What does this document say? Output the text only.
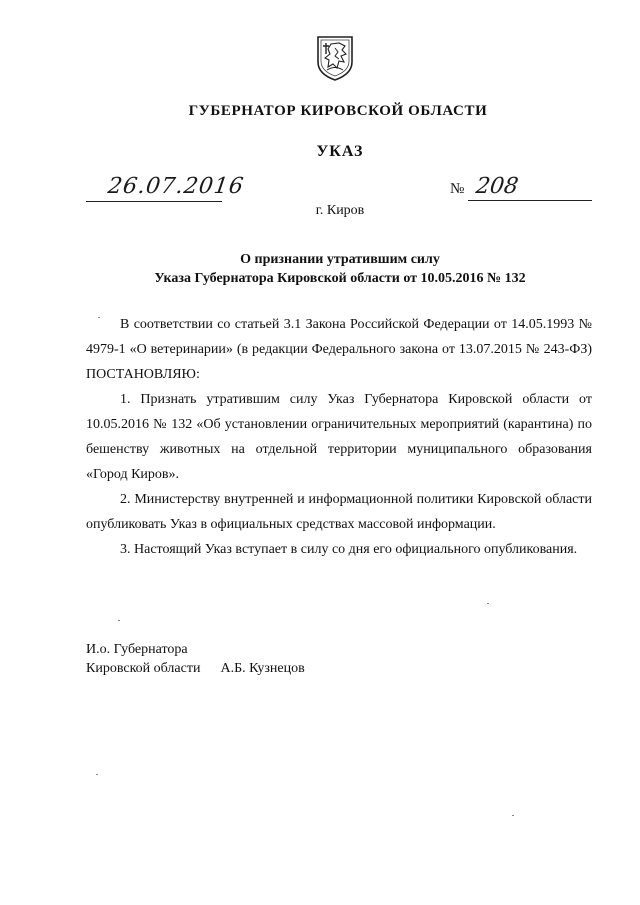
ГУБЕРНАТОР КИРОВСКОЙ ОБЛАСТИ
УКАЗ
26.07.2016	№ 208
г. Киров
О признании утратившим силу
Указа Губернатора Кировской области от 10.05.2016 № 132

В соответствии со статьей 3.1 Закона Российской Федерации от 14.05.1993 № 4979-1 «О ветеринарии» (в редакции Федерального закона от 13.07.2015 № 243-ФЗ) ПОСТАНОВЛЯЮ:

1. Признать утратившим силу Указ Губернатора Кировской области от 10.05.2016 № 132 «Об установлении ограничительных мероприятий (карантина) по бешенству животных на отдельной территории муниципального образования «Город Киров».

2. Министерству внутренней и информационной политики Кировской области опубликовать Указ в официальных средствах массовой информации.

3. Настоящий Указ вступает в силу со дня его официального опубликования.

И.о. Губернатора
Кировской области А.Б. Кузнецов
